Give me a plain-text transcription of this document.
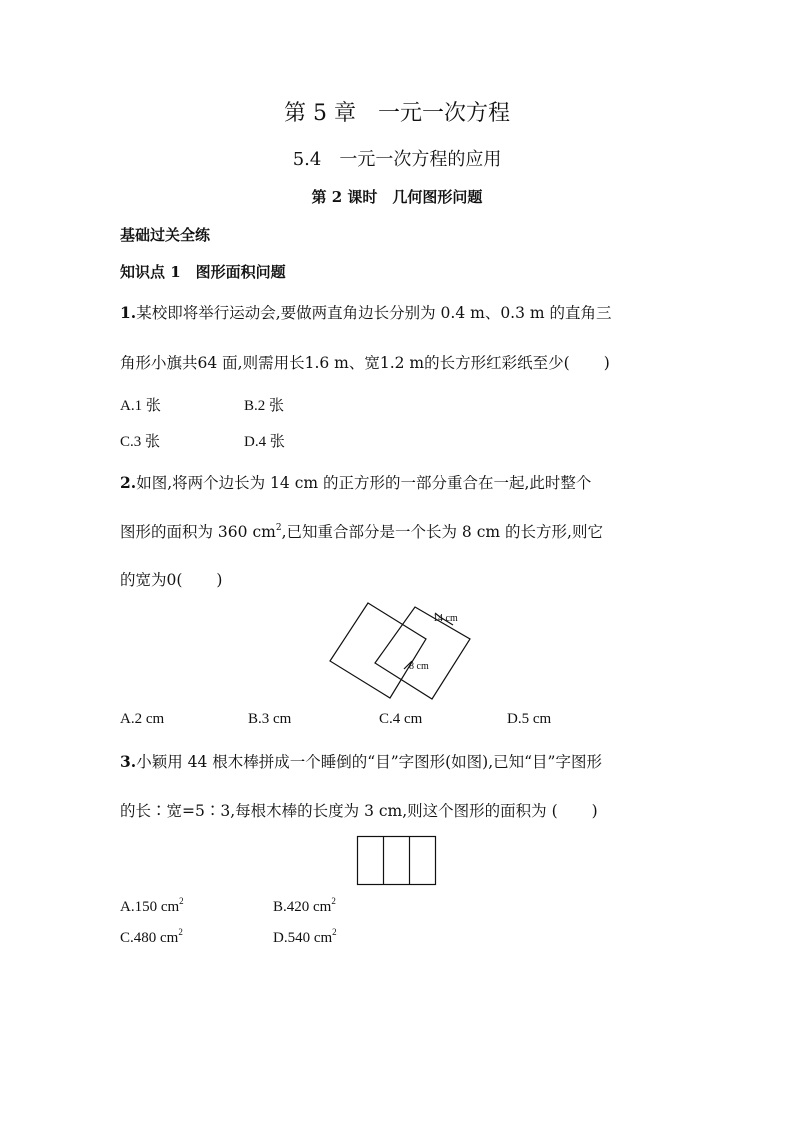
第 5 章　一元一次方程
5.4　一元一次方程的应用
第 2 课时　几何图形问题
基础过关全练
知识点 1　图形面积问题
1.某校即将举行运动会,要做两直角边长分别为 0.4 m、0.3 m 的直角三
角形小旗共64 面,则需用长1.6 m、宽1.2 m的长方形红彩纸至少( )
A.1 张	B.2 张
C.3 张	D.4 张
2.如图,将两个边长为 14 cm 的正方形的一部分重合在一起,此时整个
图形的面积为 360 $cm^2$,已知重合部分是一个长为 8 cm 的长方形,则它
的宽为0( )
14 cm
8 cm
A.2 cm	B.3 cm	C.4 cm	D.5 cm
3.小颖用 44 根木棒拼成一个睡倒的“目”字图形(如图),已知“目”字图形
的长∶宽=5∶3,每根木棒的长度为 3 cm,则这个图形的面积为 ( )
A.150 $cm^2$	B.420 $cm^2$
C.480 $cm^2$	D.540 $cm^2$
